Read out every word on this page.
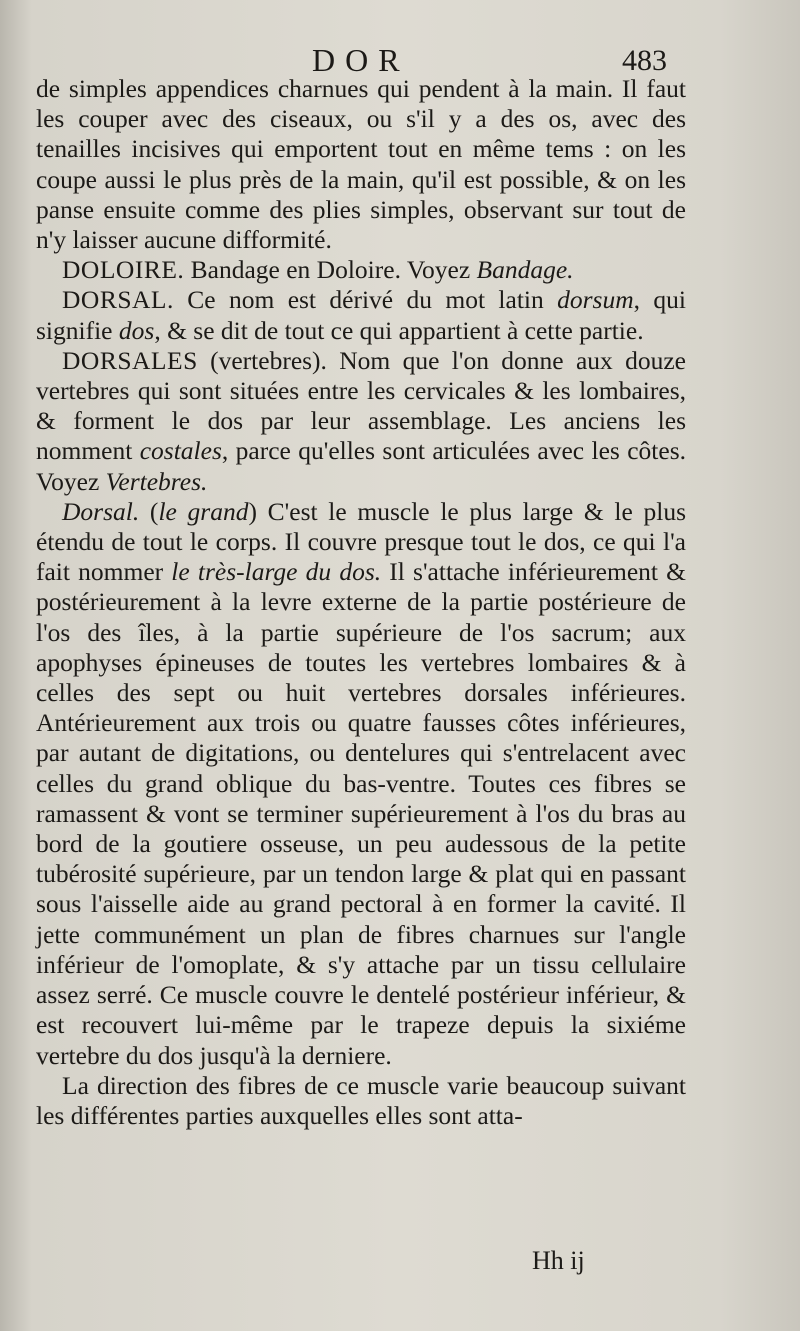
DOR	483

de simples appendices charnues qui pendent à la main. Il faut les couper avec des ciseaux, ou s'il y a des os, avec des tenailles incisives qui emportent tout en même tems : on les coupe aussi le plus près de la main, qu'il est possible, & on les panse ensuite comme des plies simples, observant sur tout de n'y laisser aucune difformité.

DOLOIRE. Bandage en Doloire. Voyez Bandage.

DORSAL. Ce nom est dérivé du mot latin dorsum, qui signifie dos, & se dit de tout ce qui appartient à cette partie.

DORSALES (vertebres). Nom que l'on donne aux douze vertebres qui sont situées entre les cervicales & les lombaires, & forment le dos par leur assemblage. Les anciens les nomment costales, parce qu'elles sont articulées avec les côtes. Voyez Vertebres.

Dorsal. (le grand) C'est le muscle le plus large & le plus étendu de tout le corps. Il couvre presque tout le dos, ce qui l'a fait nommer le très-large du dos. Il s'attache inférieurement & postérieurement à la levre externe de la partie postérieure de l'os des îles, à la partie supérieure de l'os sacrum; aux apophyses épineuses de toutes les vertebres lombaires & à celles des sept ou huit vertebres dorsales inférieures. Antérieurement aux trois ou quatre fausses côtes inférieures, par autant de digitations, ou dentelures qui s'entrelacent avec celles du grand oblique du bas-ventre. Toutes ces fibres se ramassent & vont se terminer supérieurement à l'os du bras au bord de la goutiere osseuse, un peu audessous de la petite tubérosité supérieure, par un tendon large & plat qui en passant sous l'aisselle aide au grand pectoral à en former la cavité. Il jette communément un plan de fibres charnues sur l'angle inférieur de l'omoplate, & s'y attache par un tissu cellulaire assez serré. Ce muscle couvre le dentelé postérieur inférieur, & est recouvert lui-même par le trapeze depuis la sixiéme vertebre du dos jusqu'à la derniere.

La direction des fibres de ce muscle varie beaucoup suivant les différentes parties auxquelles elles sont atta-

Hh ij
